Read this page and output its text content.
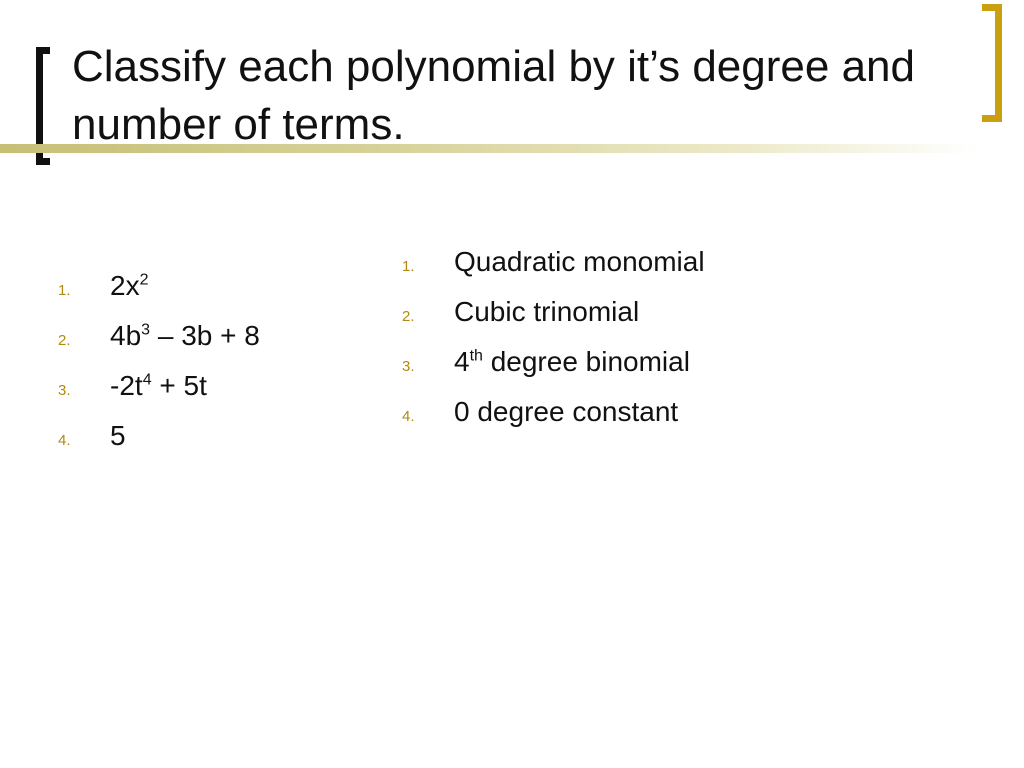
Classify each polynomial by it’s degree and number of terms.
1.	$2x^2$
2.	$4b^3 - 3b + 8$
3.	$-2t^4 + 5t$
4.	5
1.	Quadratic monomial
2.	Cubic trinomial
3.	4th degree binomial
4.	0 degree constant
